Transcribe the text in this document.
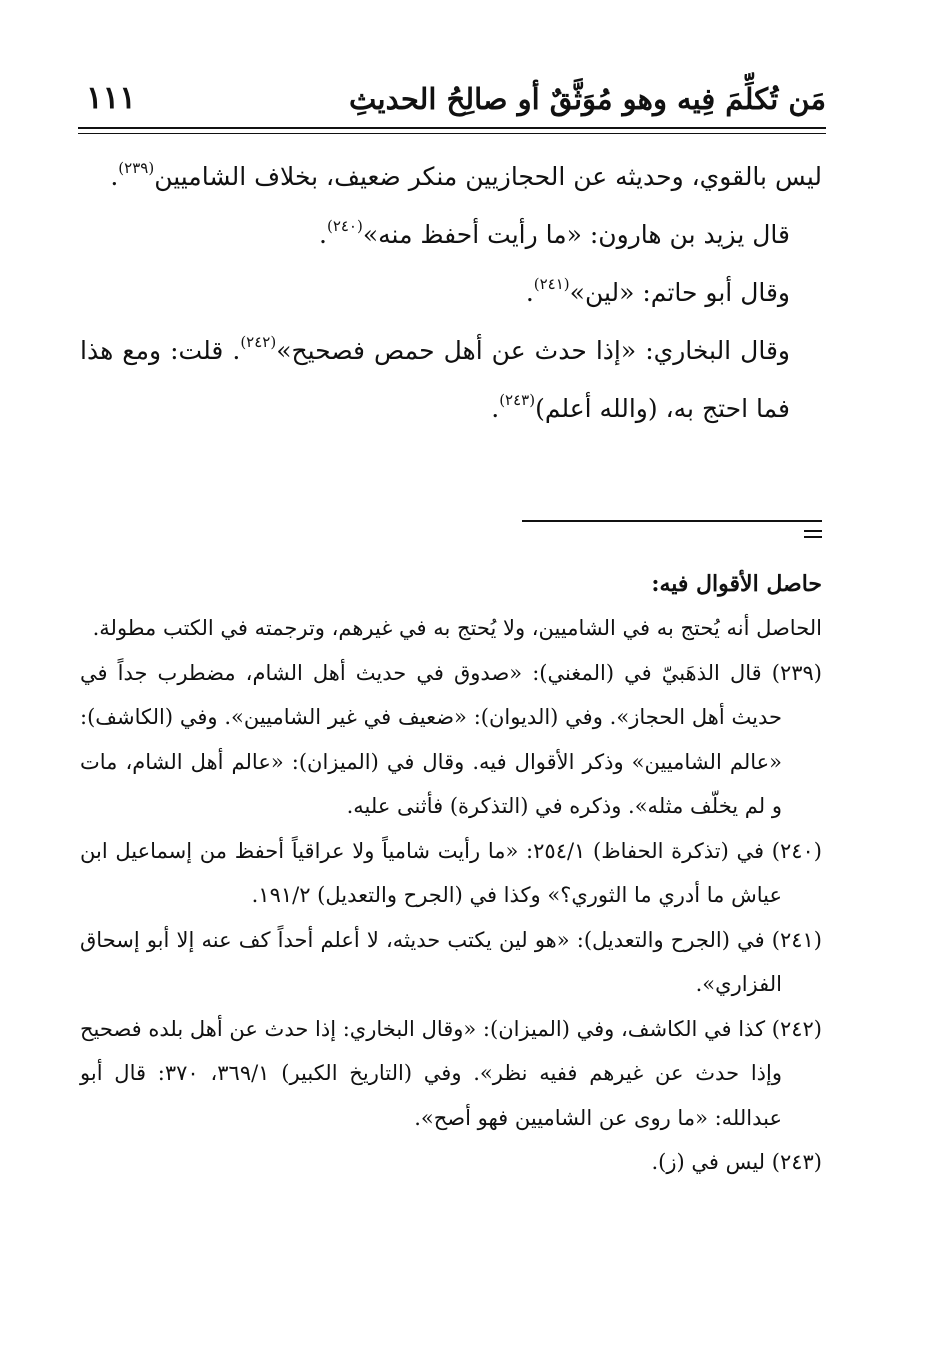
مَن تُكلِّمَ فِيه وهو مُوَثَّقٌ أو صالِحُ الحديثِ
١١١

ليس بالقوي، وحديثه عن الحجازيين منكر ضعيف، بخلاف الشاميين$^{(٢٣٩)}$.

قال يزيد بن هارون: «ما رأيت أحفظ منه»$^{(٢٤٠)}$.

وقال أبو حاتم: «لين»$^{(٢٤١)}$.

وقال البخاري: «إذا حدث عن أهل حمص فصحيح»$^{(٢٤٢)}$. قلت: ومع هذا فما احتج به، (والله أعلم)$^{(٢٤٣)}$.

حاصل الأقوال فيه:

الحاصل أنه يُحتج به في الشاميين، ولا يُحتج به في غيرهم، وترجمته في الكتب مطولة.

(٢٣٩) قال الذهَبيّ في (المغني): «صدوق في حديث أهل الشام، مضطرب جداً في حديث أهل الحجاز». وفي (الديوان): «ضعيف في غير الشاميين». وفي (الكاشف): «عالم الشاميين» وذكر الأقوال فيه. وقال في (الميزان): «عالم أهل الشام، مات و لم يخلّف مثله». وذكره في (التذكرة) فأثنى عليه.

(٢٤٠) في (تذكرة الحفاظ) ٢٥٤/١: «ما رأيت شامياً ولا عراقياً أحفظ من إسماعيل ابن عياش ما أدري ما الثوري؟» وكذا في (الجرح والتعديل) ١٩١/٢.

(٢٤١) في (الجرح والتعديل): «هو لين يكتب حديثه، لا أعلم أحداً كف عنه إلا أبو إسحاق الفزاري».

(٢٤٢) كذا في الكاشف، وفي (الميزان): «وقال البخاري: إذا حدث عن أهل بلده فصحيح وإذا حدث عن غيرهم ففيه نظر». وفي (التاريخ الكبير) ٣٦٩/١، ٣٧٠: قال أبو عبدالله: «ما روى عن الشاميين فهو أصح».

(٢٤٣) ليس في (ز).
